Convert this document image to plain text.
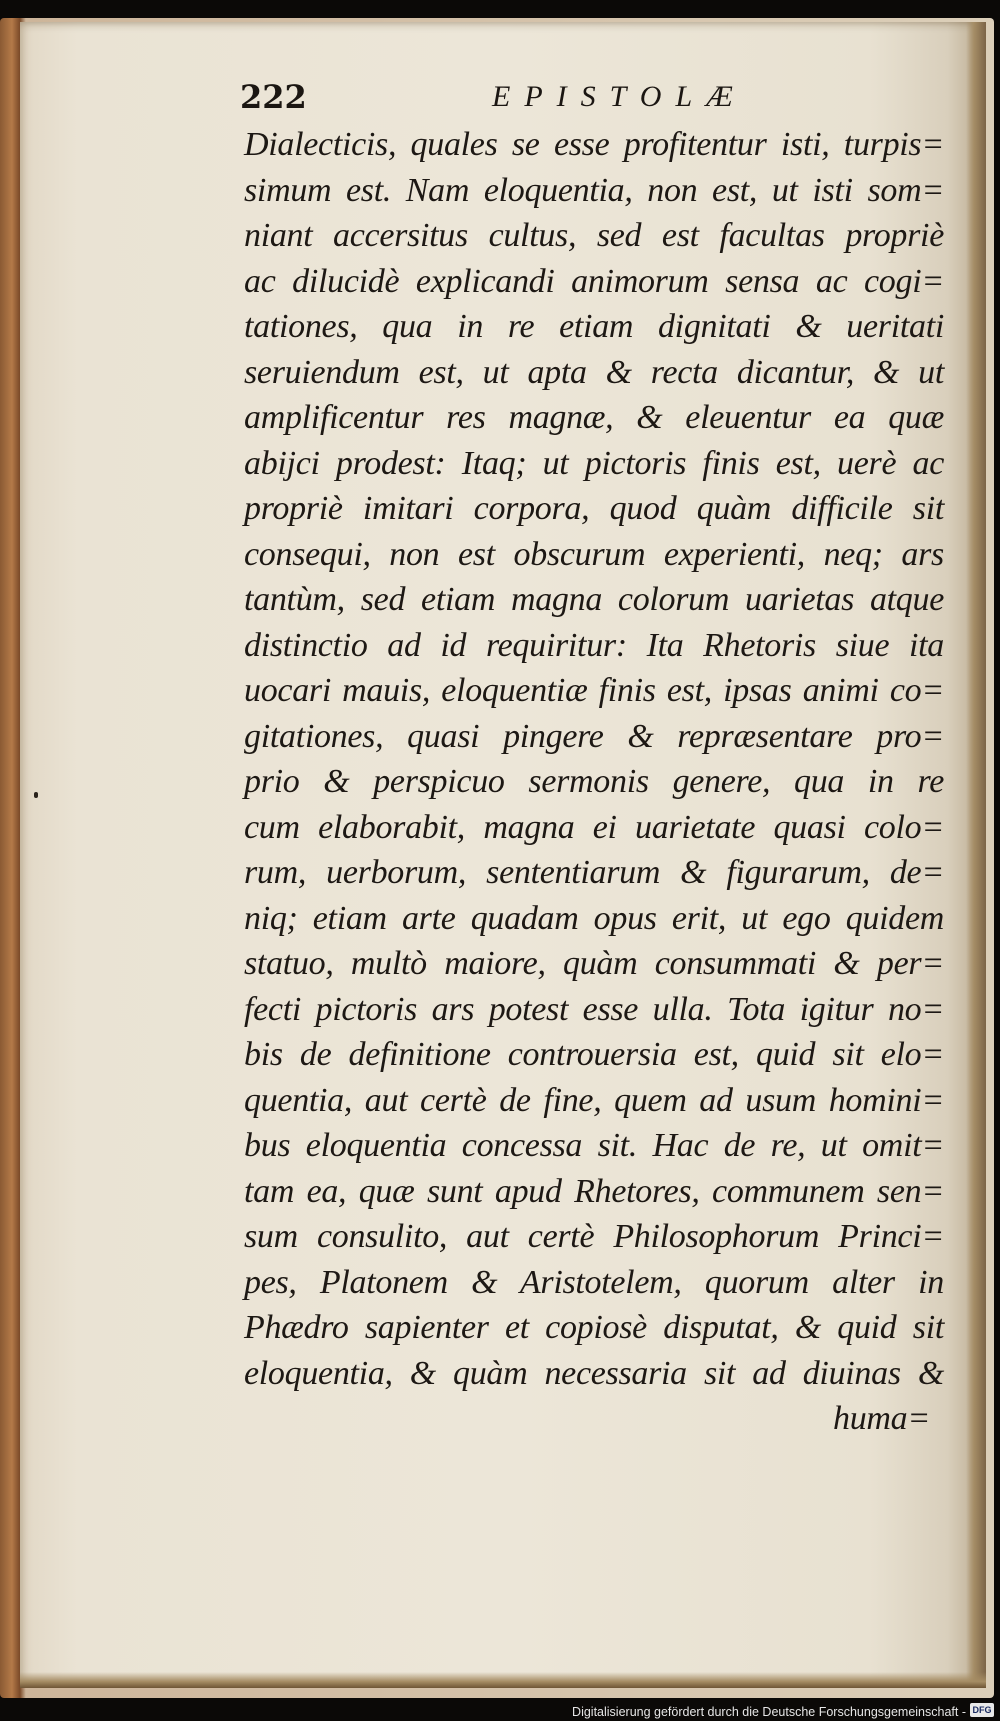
222	EPISTOLÆ
Dialecticis, quales se esse profitentur isti, turpis=
simum est. Nam eloquentia, non est, ut isti som=
niant accersitus cultus, sed est facultas propriè
ac dilucidè explicandi animorum sensa ac cogi=
tationes, qua in re etiam dignitati & ueritati
seruiendum est, ut apta & recta dicantur, & ut
amplificentur res magnæ, & eleuentur ea quæ
abijci prodest: Itaq; ut pictoris finis est, uerè ac
propriè imitari corpora, quod quàm difficile sit
consequi, non est obscurum experienti, neq; ars
tantùm, sed etiam magna colorum uarietas atque
distinctio ad id requiritur: Ita Rhetoris siue ita
uocari mauis, eloquentiæ finis est, ipsas animi co=
gitationes, quasi pingere & repræsentare pro=
prio & perspicuo sermonis genere, qua in re
cum elaborabit, magna ei uarietate quasi colo=
rum, uerborum, sententiarum & figurarum, de=
niq; etiam arte quadam opus erit, ut ego quidem
statuo, multò maiore, quàm consummati & per=
fecti pictoris ars potest esse ulla. Tota igitur no=
bis de definitione controuersia est, quid sit elo=
quentia, aut certè de fine, quem ad usum homini=
bus eloquentia concessa sit. Hac de re, ut omit=
tam ea, quæ sunt apud Rhetores, communem sen=
sum consulito, aut certè Philosophorum Princi=
pes, Platonem & Aristotelem, quorum alter in
Phædro sapienter et copiosè disputat, & quid sit
eloquentia, & quàm necessaria sit ad diuinas &
huma=
Digitalisierung gefördert durch die Deutsche Forschungsgemeinschaft - DFG
